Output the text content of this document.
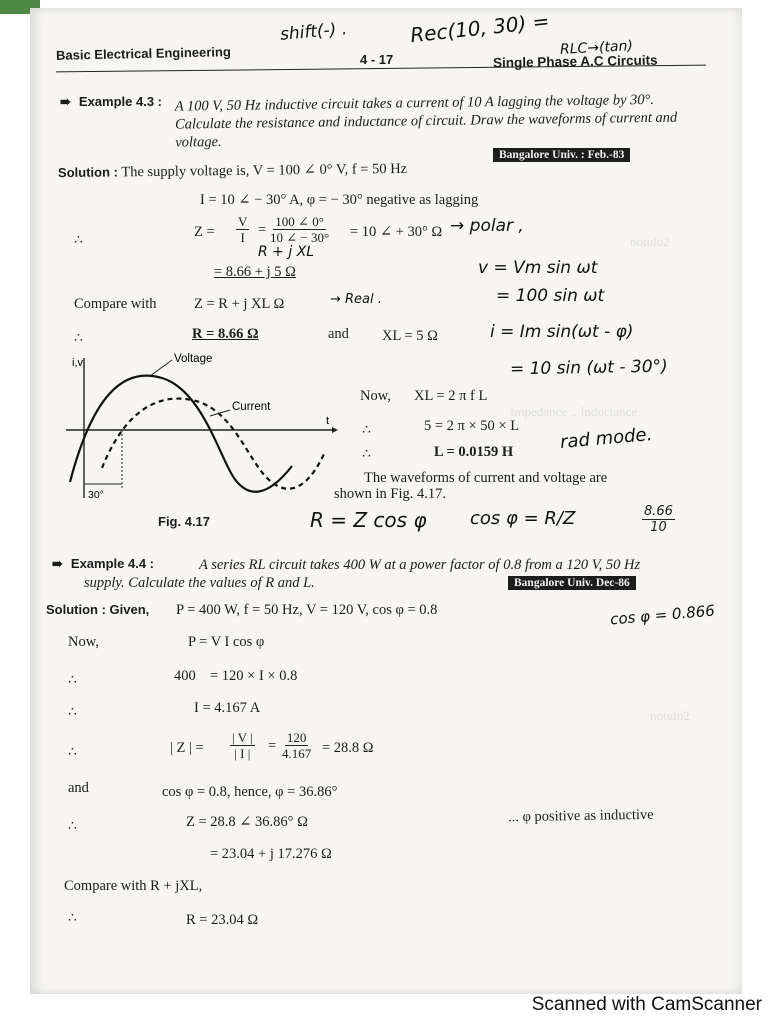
Basic Electrical Engineering	4 - 17	Single Phase A.C Circuits
shift(-) .	Rec(10, 30) =
RLC→(tan)
➠ Example 4.3 : A 100 V, 50 Hz inductive circuit takes a current of 10 A lagging the voltage by 30°. Calculate the resistance and inductance of circuit. Draw the waveforms of current and voltage.
Bangalore Univ. : Feb.-83
Solution : The supply voltage is, V = 100 ∠ 0° V, f = 50 Hz
I = 10 ∠ − 30° A, φ = − 30° negative as lagging
∴
$Z = \frac{V}{I} = \frac{100 \angle 0^\circ}{10 \angle - 30^\circ} = 10$ ∠ + 30° Ω → polar ,
R + j XL
= 8.66 + j 5 Ω	v = Vm sin ωt
Compare with	Z = R + j XL Ω	→ Real .	= 100 sin ωt
∴	R = 8.66 Ω	and XL = 5 Ω	i = Im sin(ωt - φ)
= 10 sin (ωt - 30°)
i,v
t
Voltage
Current
30°
Now, XL = 2 π f L
∴	5 = 2 π × 50 × L
∴	L = 0.0159 H	rad mode.
The waveforms of current and voltage are
shown in Fig. 4.17.
Fig. 4.17	R = Z cos φ cos φ = R/Z	$\frac{8.66}{10}$
➠ Example 4.4 :	A series RL circuit takes 400 W at a power factor of 0.8 from a 120 V, 50 Hz supply. Calculate the values of R and L.	Bangalore Univ. Dec-86
Solution : Given, P = 400 W, f = 50 Hz, V = 120 V, cos φ = 0.8	cos φ = 0.866
Now,	P = V I cos φ
∴	400 = 120 × I × 0.8
∴	I = 4.167 A
∴	| Z | = $\frac{| V |}{| I |} = \frac{120}{4.167} = 28.8$ Ω
and	cos φ = 0.8, hence, φ = 36.86°
∴	Z = 28.8 ∠ 36.86° Ω	... φ positive as inductive
= 23.04 + j 17.276 Ω
Compare with R + jXL,
∴	R = 23.04 Ω
Impedance .. Inductance
notulo2
notulo2
Scanned with CamScanner
